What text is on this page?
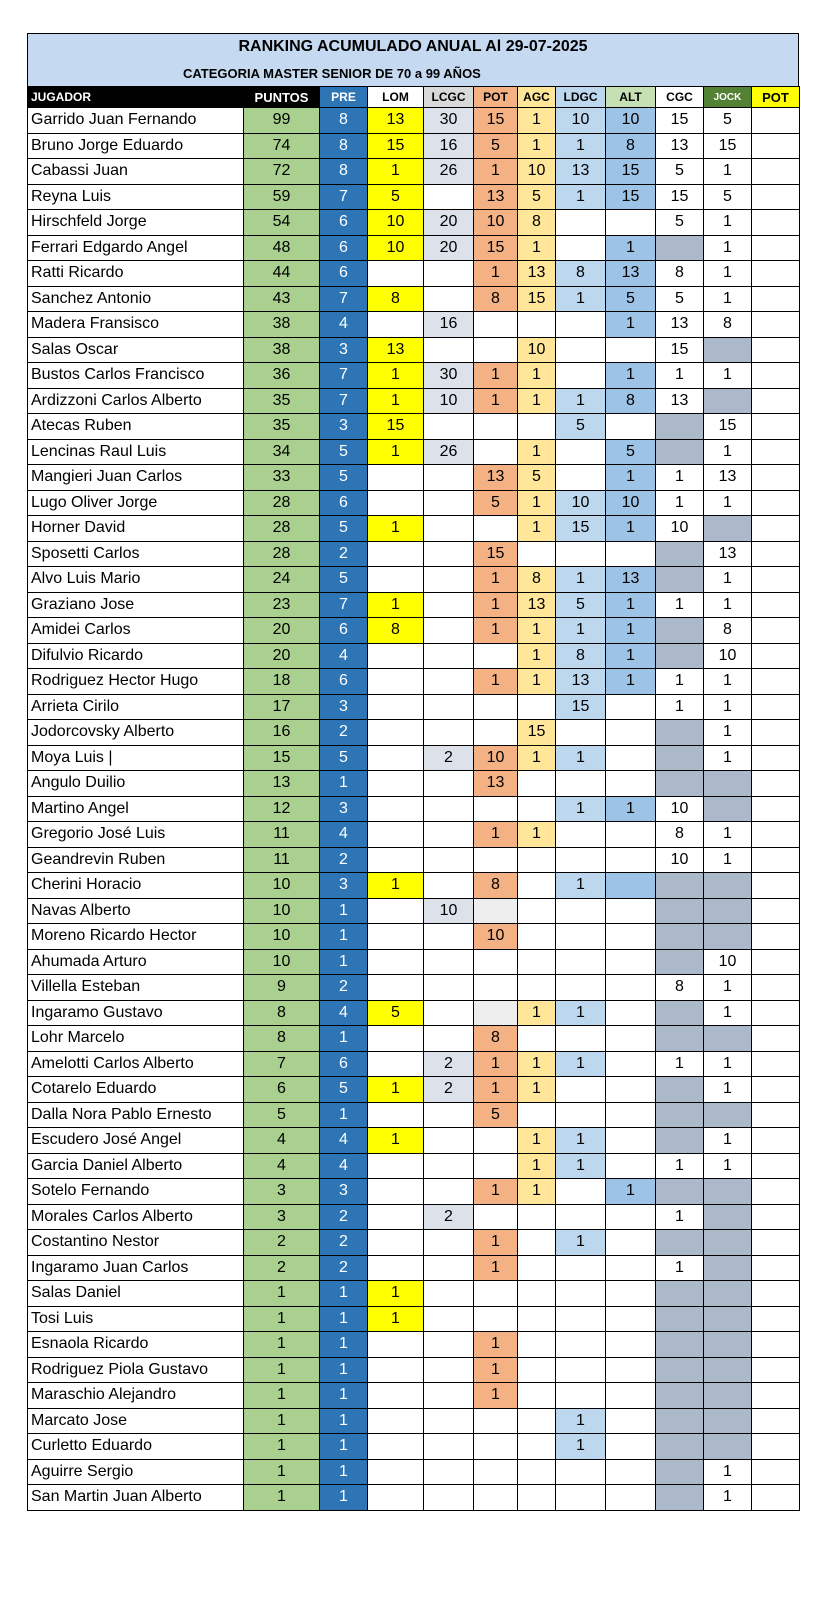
RANKING ACUMULADO ANUAL Al 29-07-2025
CATEGORIA MASTER SENIOR DE 70 a 99 AÑOS
JUGADOR	PUNTOS	PRE	LOM	LCGC	POT	AGC	LDGC	ALT	CGC	JOCK	POT
Garrido Juan Fernando	99	8	13	30	15	1	10	10	15	5	
Bruno Jorge Eduardo	74	8	15	16	5	1	1	8	13	15	
Cabassi Juan	72	8	1	26	1	10	13	15	5	1	
Reyna Luis	59	7	5		13	5	1	15	15	5	
Hirschfeld Jorge	54	6	10	20	10	8			5	1	
Ferrari Edgardo Angel	48	6	10	20	15	1		1		1	
Ratti Ricardo	44	6			1	13	8	13	8	1	
Sanchez Antonio	43	7	8		8	15	1	5	5	1	
Madera Fransisco	38	4		16				1	13	8	
Salas Oscar	38	3	13			10			15		
Bustos Carlos Francisco	36	7	1	30	1	1		1	1	1	
Ardizzoni Carlos Alberto	35	7	1	10	1	1	1	8	13		
Atecas Ruben	35	3	15				5			15	
Lencinas Raul Luis	34	5	1	26		1		5		1	
Mangieri Juan Carlos	33	5			13	5		1	1	13	
Lugo Oliver Jorge	28	6			5	1	10	10	1	1	
Horner David	28	5	1			1	15	1	10		
Sposetti Carlos	28	2			15					13	
Alvo Luis Mario	24	5			1	8	1	13		1	
Graziano Jose	23	7	1		1	13	5	1	1	1	
Amidei Carlos	20	6	8		1	1	1	1		8	
Difulvio Ricardo	20	4				1	8	1		10	
Rodriguez Hector Hugo	18	6			1	1	13	1	1	1	
Arrieta Cirilo	17	3					15		1	1	
Jodorcovsky Alberto	16	2				15				1	
Moya Luis |	15	5		2	10	1	1			1	
Angulo Duilio	13	1			13						
Martino Angel	12	3					1	1	10		
Gregorio José Luis	11	4			1	1			8	1	
Geandrevin Ruben	11	2							10	1	
Cherini Horacio	10	3	1		8		1				
Navas Alberto	10	1		10							
Moreno Ricardo Hector	10	1			10						
Ahumada Arturo	10	1								10	
Villella Esteban	9	2							8	1	
Ingaramo Gustavo	8	4	5			1	1			1	
Lohr Marcelo	8	1			8						
Amelotti Carlos Alberto	7	6		2	1	1	1		1	1	
Cotarelo Eduardo	6	5	1	2	1	1				1	
Dalla Nora Pablo Ernesto	5	1			5						
Escudero José Angel	4	4	1			1	1			1	
Garcia Daniel Alberto	4	4				1	1		1	1	
Sotelo Fernando	3	3			1	1		1			
Morales Carlos Alberto	3	2		2					1		
Costantino Nestor	2	2			1		1				
Ingaramo Juan Carlos	2	2			1				1		
Salas Daniel	1	1	1								
Tosi Luis	1	1	1								
Esnaola Ricardo	1	1			1						
Rodriguez Piola Gustavo	1	1			1						
Maraschio Alejandro	1	1			1						
Marcato Jose	1	1					1				
Curletto Eduardo	1	1					1				
Aguirre Sergio	1	1								1	
San Martin Juan Alberto	1	1								1	
